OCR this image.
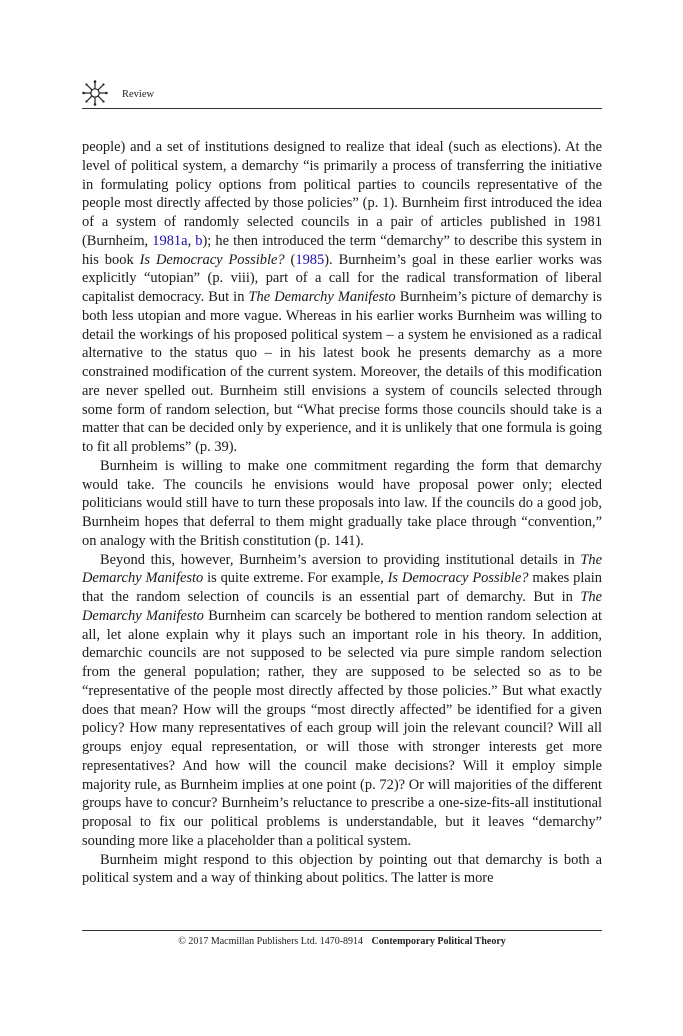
Review

people) and a set of institutions designed to realize that ideal (such as elections). At the level of political system, a demarchy “is primarily a process of transferring the initiative in formulating policy options from political parties to councils representative of the people most directly affected by those policies” (p. 1). Burnheim first introduced the idea of a system of randomly selected councils in a pair of articles published in 1981 (Burnheim, 1981a, b); he then introduced the term “demarchy” to describe this system in his book Is Democracy Possible? (1985). Burnheim’s goal in these earlier works was explicitly “utopian” (p. viii), part of a call for the radical transformation of liberal capitalist democracy. But in The Demarchy Manifesto Burnheim’s picture of demarchy is both less utopian and more vague. Whereas in his earlier works Burnheim was willing to detail the workings of his proposed political system – a system he envisioned as a radical alternative to the status quo – in his latest book he presents demarchy as a more constrained modification of the current system. Moreover, the details of this modification are never spelled out. Burnheim still envisions a system of councils selected through some form of random selection, but “What precise forms those councils should take is a matter that can be decided only by experience, and it is unlikely that one formula is going to fit all problems” (p. 39).

Burnheim is willing to make one commitment regarding the form that demarchy would take. The councils he envisions would have proposal power only; elected politicians would still have to turn these proposals into law. If the councils do a good job, Burnheim hopes that deferral to them might gradually take place through “convention,” on analogy with the British constitution (p. 141).

Beyond this, however, Burnheim’s aversion to providing institutional details in The Demarchy Manifesto is quite extreme. For example, Is Democracy Possible? makes plain that the random selection of councils is an essential part of demarchy. But in The Demarchy Manifesto Burnheim can scarcely be bothered to mention random selection at all, let alone explain why it plays such an important role in his theory. In addition, demarchic councils are not supposed to be selected via pure simple random selection from the general population; rather, they are supposed to be selected so as to be “representative of the people most directly affected by those policies.” But what exactly does that mean? How will the groups “most directly affected” be identified for a given policy? How many representatives of each group will join the relevant council? Will all groups enjoy equal representation, or will those with stronger interests get more representatives? And how will the council make decisions? Will it employ simple majority rule, as Burnheim implies at one point (p. 72)? Or will majorities of the different groups have to concur? Burnheim’s reluctance to prescribe a one-size-fits-all institutional proposal to fix our political problems is understandable, but it leaves “demarchy” sounding more like a placeholder than a political system.

Burnheim might respond to this objection by pointing out that demarchy is both a political system and a way of thinking about politics. The latter is more

© 2017 Macmillan Publishers Ltd. 1470-8914 Contemporary Political Theory
